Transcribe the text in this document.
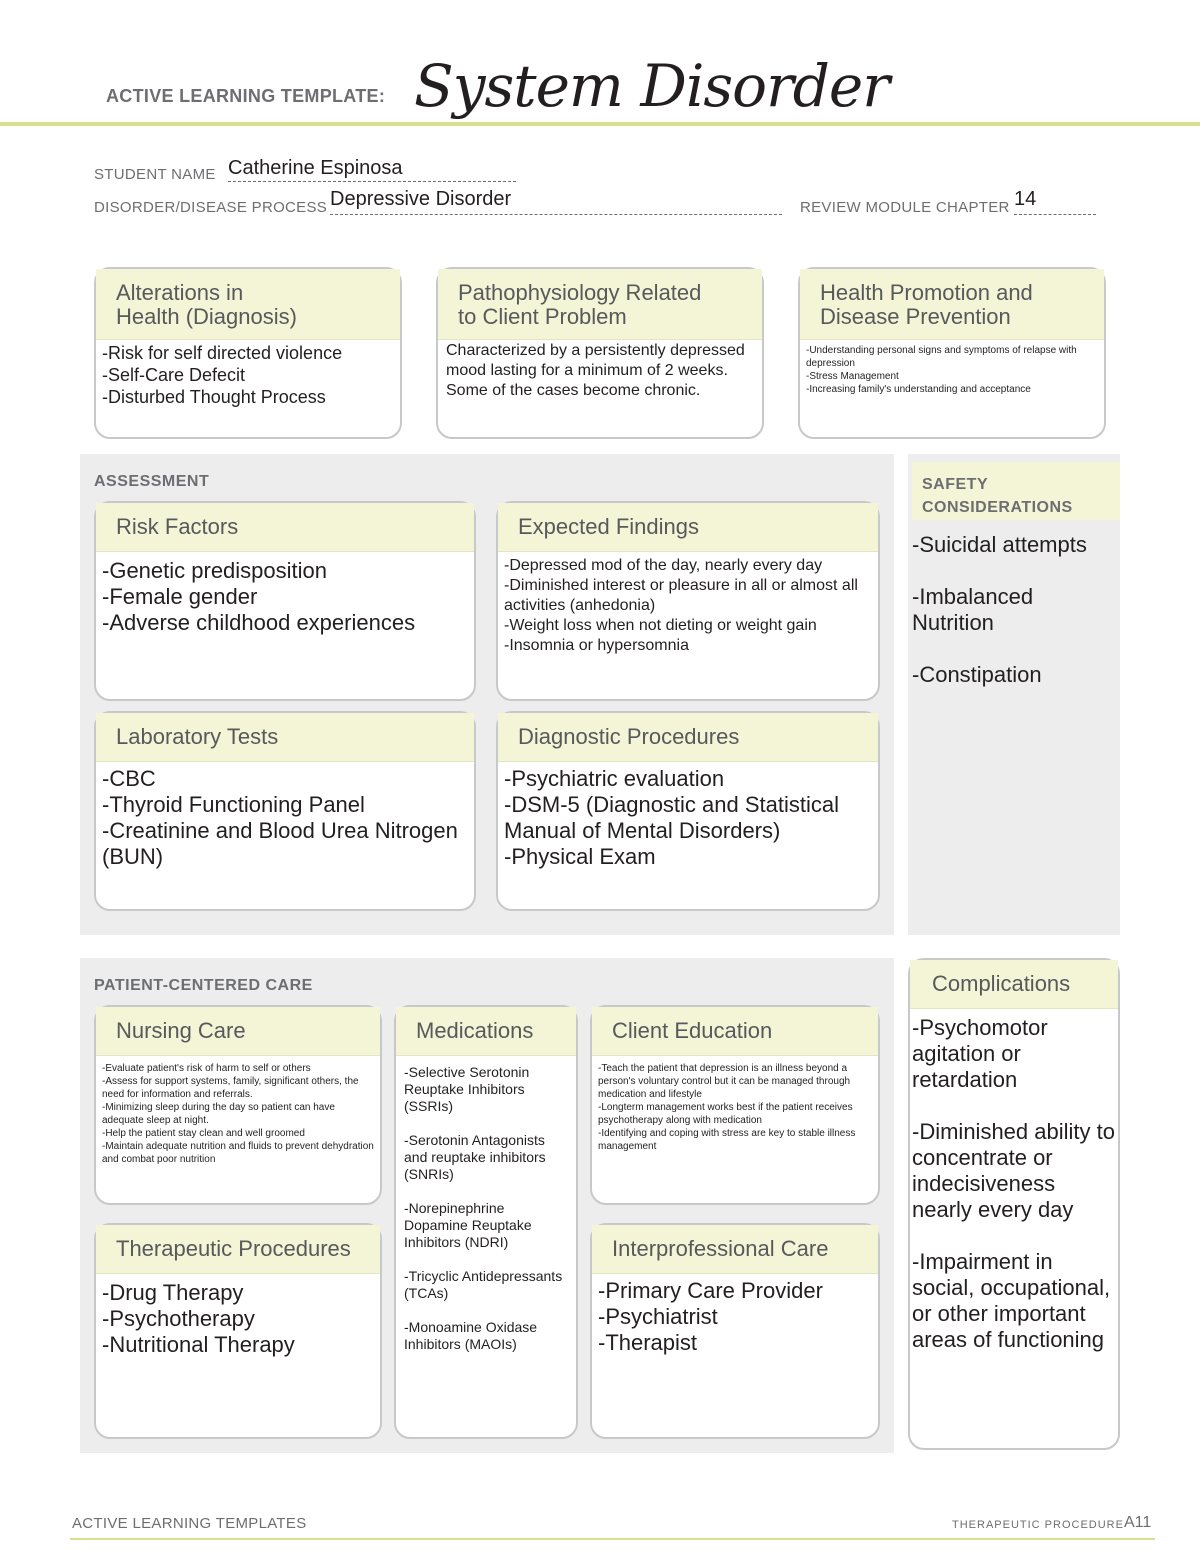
ACTIVE LEARNING TEMPLATE: System Disorder
STUDENT NAME Catherine Espinosa
DISORDER/DISEASE PROCESS Depressive Disorder	REVIEW MODULE CHAPTER 14
Alterations in
Health (Diagnosis)
-Risk for self directed violence
-Self-Care Defecit
-Disturbed Thought Process
Pathophysiology Related
to Client Problem
Characterized by a persistently depressed mood lasting for a minimum of 2 weeks. Some of the cases become chronic.
Health Promotion and
Disease Prevention
-Understanding personal signs and symptoms of relapse with depression
-Stress Management
-Increasing family's understanding and acceptance
ASSESSMENT
Risk Factors
-Genetic predisposition
-Female gender
-Adverse childhood experiences
Expected Findings
-Depressed mod of the day, nearly every day
-Diminished interest or pleasure in all or almost all activities (anhedonia)
-Weight loss when not dieting or weight gain
-Insomnia or hypersomnia
Laboratory Tests
-CBC
-Thyroid Functioning Panel
-Creatinine and Blood Urea Nitrogen (BUN)
Diagnostic Procedures
-Psychiatric evaluation
-DSM-5 (Diagnostic and Statistical Manual of Mental Disorders)
-Physical Exam
SAFETY
CONSIDERATIONS
-Suicidal attempts
-Imbalanced Nutrition
-Constipation
PATIENT-CENTERED CARE
Nursing Care
-Evaluate patient's risk of harm to self or others
-Assess for support systems, family, significant others, the need for information and referrals.
-Minimizing sleep during the day so patient can have adequate sleep at night.
-Help the patient stay clean and well groomed
-Maintain adequate nutrition and fluids to prevent dehydration and combat poor nutrition
Medications
-Selective Serotonin Reuptake Inhibitors (SSRIs)
-Serotonin Antagonists and reuptake inhibitors (SNRIs)
-Norepinephrine Dopamine Reuptake Inhibitors (NDRI)
-Tricyclic Antidepressants (TCAs)
-Monoamine Oxidase Inhibitors (MAOIs)
Client Education
-Teach the patient that depression is an illness beyond a person's voluntary control but it can be managed through medication and lifestyle
-Longterm management works best if the patient receives psychotherapy along with medication
-Identifying and coping with stress are key to stable illness management
Therapeutic Procedures
-Drug Therapy
-Psychotherapy
-Nutritional Therapy
Interprofessional Care
-Primary Care Provider
-Psychiatrist
-Therapist
Complications
-Psychomotor agitation or retardation
-Diminished ability to concentrate or indecisiveness nearly every day
-Impairment in social, occupational, or other important areas of functioning
ACTIVE LEARNING TEMPLATES	THERAPEUTIC PROCEDURE A11
